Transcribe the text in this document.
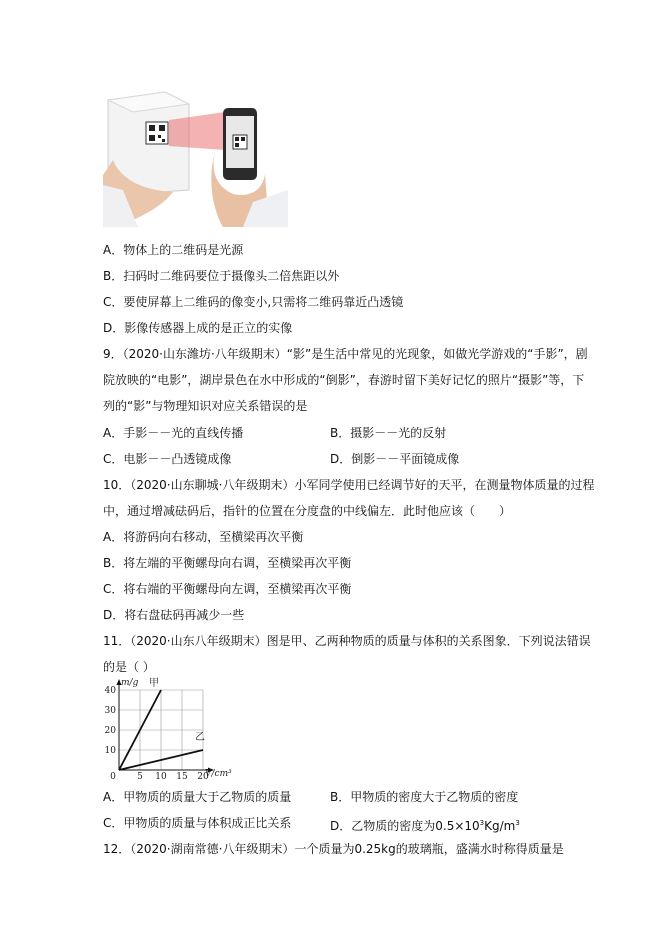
A．物体上的二维码是光源
B．扫码时二维码要位于摄像头二倍焦距以外
C．要使屏幕上二维码的像变小,只需将二维码靠近凸透镜
D．影像传感器上成的是正立的实像
9．（2020·山东潍坊·八年级期末）“影”是生活中常见的光现象，如做光学游戏的“手影”，剧
院放映的“电影”，湖岸景色在水中形成的“倒影”，春游时留下美好记忆的照片“摄影”等，下
列的“影”与物理知识对应关系错误的是
A．手影－－光的直线传播	B．摄影－－光的反射
C．电影－－凸透镜成像	D．倒影－－平面镜成像
10．（2020·山东聊城·八年级期末）小军同学使用已经调节好的天平，在测量物体质量的过程
中，通过增减砝码后，指针的位置在分度盘的中线偏左．此时他应该（　　）
A．将游码向右移动，至横梁再次平衡
B．将左端的平衡螺母向右调，至横梁再次平衡
C．将右端的平衡螺母向左调，至横梁再次平衡
D．将右盘砝码再减少一些
11．（2020·山东八年级期末）图是甲、乙两种物质的质量与体积的关系图象．下列说法错误
的是（ ）
0 5 10 15 20
10
20
30
40
m/g
V/cm³
甲
乙
A．甲物质的质量大于乙物质的质量	B．甲物质的密度大于乙物质的密度
C．甲物质的质量与体积成正比关系	D．乙物质的密度为$0.5\times 10^3Kg/m^3$
12．（2020·湖南常德·八年级期末）一个质量为0.25kg的玻璃瓶，盛满水时称得质量是
